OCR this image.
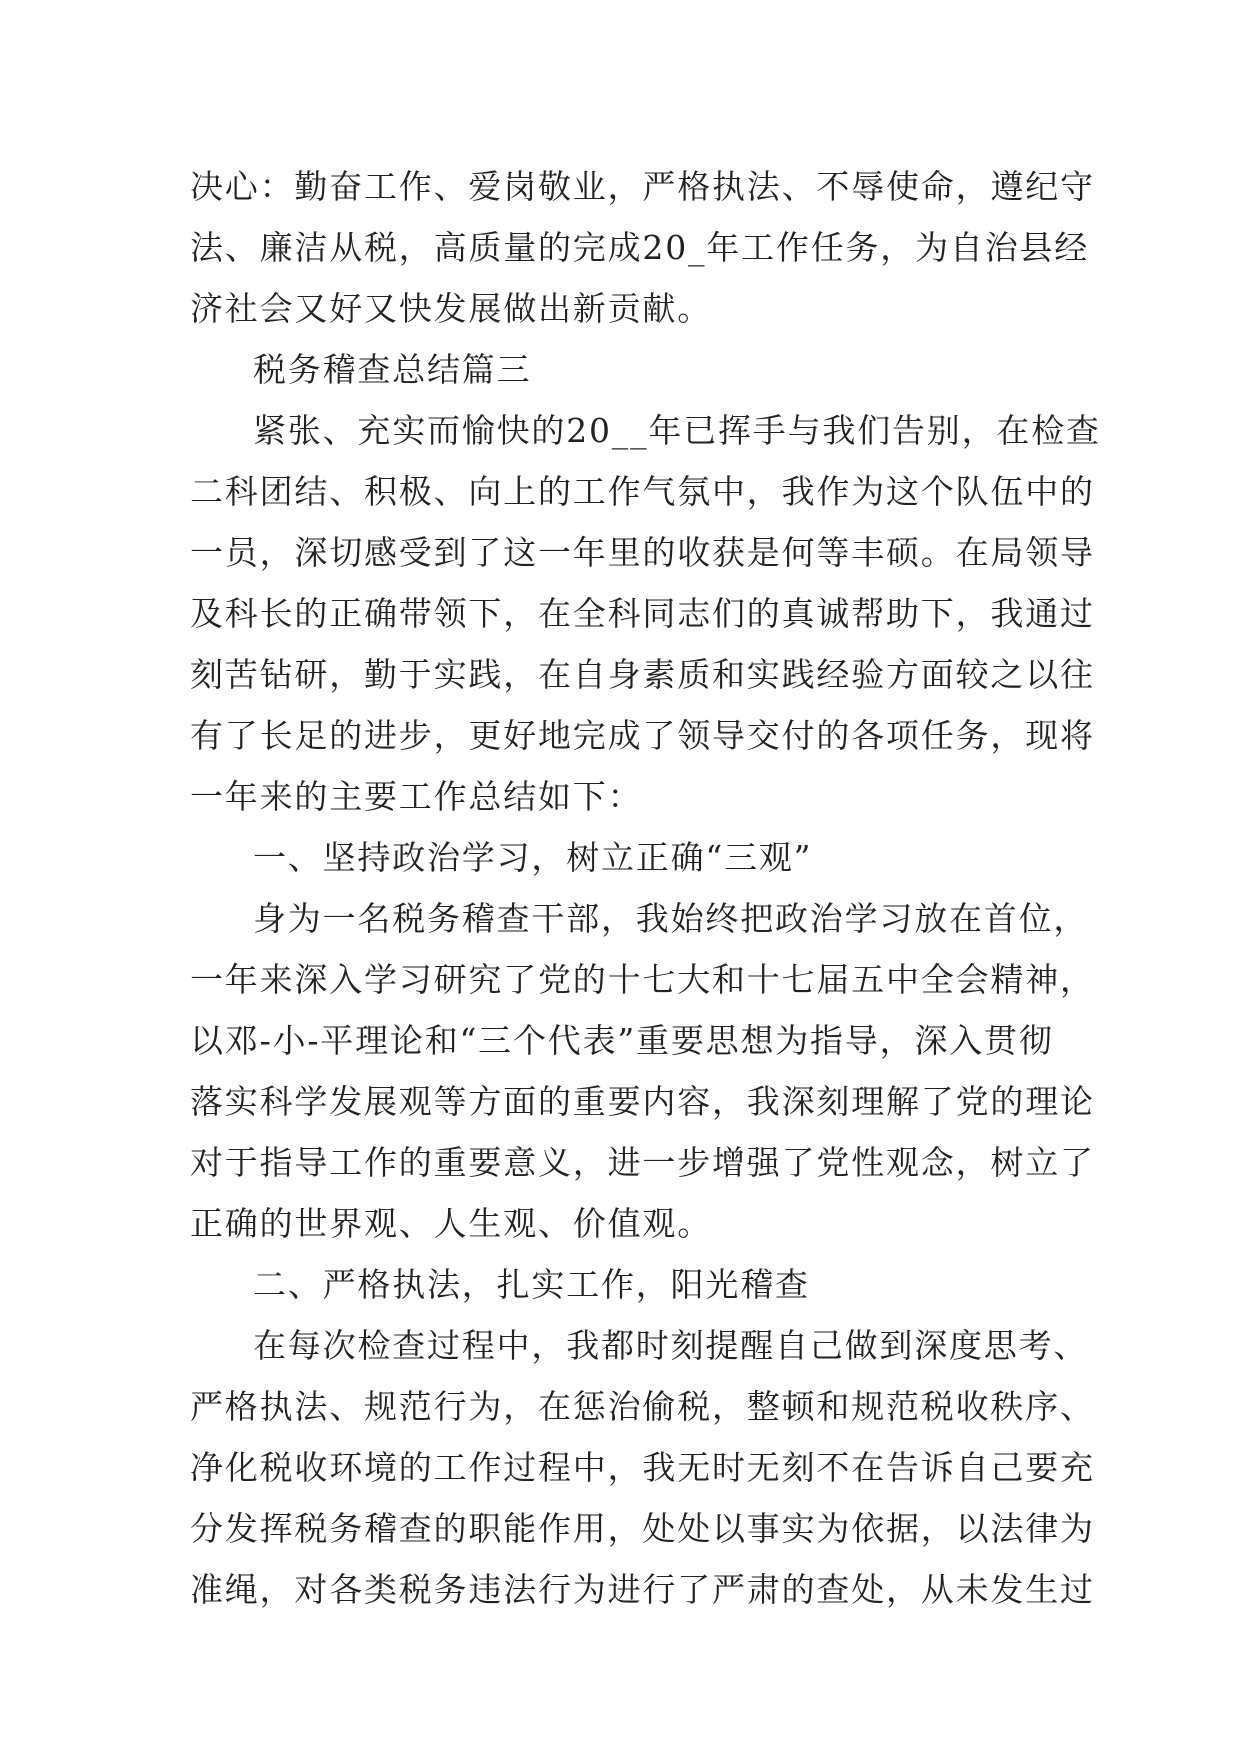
决心：勤奋工作、爱岗敬业，严格执法、不辱使命，遵纪守
法、廉洁从税，高质量的完成20_年工作任务，为自治县经
济社会又好又快发展做出新贡献。
税务稽查总结篇三
紧张、充实而愉快的20__年已挥手与我们告别，在检查
二科团结、积极、向上的工作气氛中，我作为这个队伍中的
一员，深切感受到了这一年里的收获是何等丰硕。在局领导
及科长的正确带领下，在全科同志们的真诚帮助下，我通过
刻苦钻研，勤于实践，在自身素质和实践经验方面较之以往
有了长足的进步，更好地完成了领导交付的各项任务，现将
一年来的主要工作总结如下：
一、坚持政治学习，树立正确“三观”
身为一名税务稽查干部，我始终把政治学习放在首位，
一年来深入学习研究了党的十七大和十七届五中全会精神，
以邓-小-平理论和“三个代表”重要思想为指导，深入贯彻
落实科学发展观等方面的重要内容，我深刻理解了党的理论
对于指导工作的重要意义，进一步增强了党性观念，树立了
正确的世界观、人生观、价值观。
二、严格执法，扎实工作，阳光稽查
在每次检查过程中，我都时刻提醒自己做到深度思考、
严格执法、规范行为，在惩治偷税，整顿和规范税收秩序、
净化税收环境的工作过程中，我无时无刻不在告诉自己要充
分发挥税务稽查的职能作用，处处以事实为依据，以法律为
准绳，对各类税务违法行为进行了严肃的查处，从未发生过
